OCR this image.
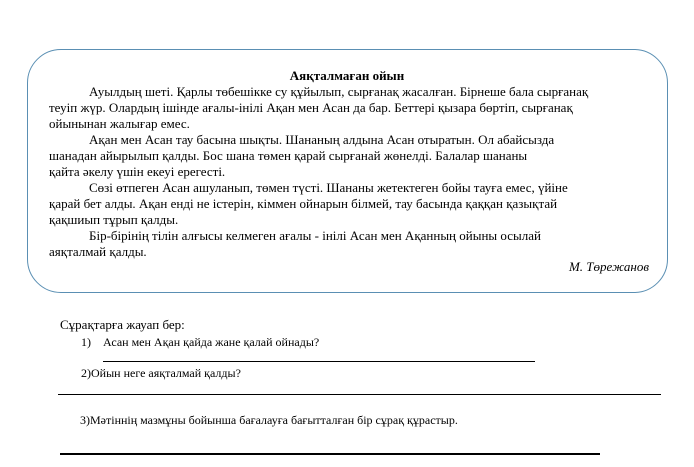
Аяқталмаған ойын
Ауылдың шеті. Қарлы төбешікке су құйылып, сырғанақ жасалған. Бірнеше бала сырғанақ
теуіп жүр. Олардың ішінде ағалы-інілі Ақан мен Асан да бар. Беттері қызара бөртіп, сырғанақ
ойынынан жалығар емес.
Ақан мен Асан тау басына шықты. Шананың алдына Асан отыратын. Ол абайсызда
шанадан айырылып қалды. Бос шана төмен қарай сырғанай жөнелді. Балалар шананы
қайта әкелу үшін екеуі ерегесті.
Сөзі өтпеген Асан ашуланып, төмен түсті. Шананы жетектеген бойы тауға емес, үйіне
қарай бет алды. Ақан енді не істерін, кіммен ойнарын білмей, тау басында қаққан қазықтай
қақшиып тұрып қалды.
Бір-бірінің тілін алғысы келмеген ағалы - інілі Асан мен Ақанның ойыны осылай
аяқталмай қалды.
М. Төрежанов
Сұрақтарға жауап бер:
1) Асан мен Ақан қайда жане қалай ойнады?
2)Ойын неге аяқталмай қалды?
3)Мәтіннің мазмұны бойынша бағалауға бағытталған бір сұрақ құрастыр.
